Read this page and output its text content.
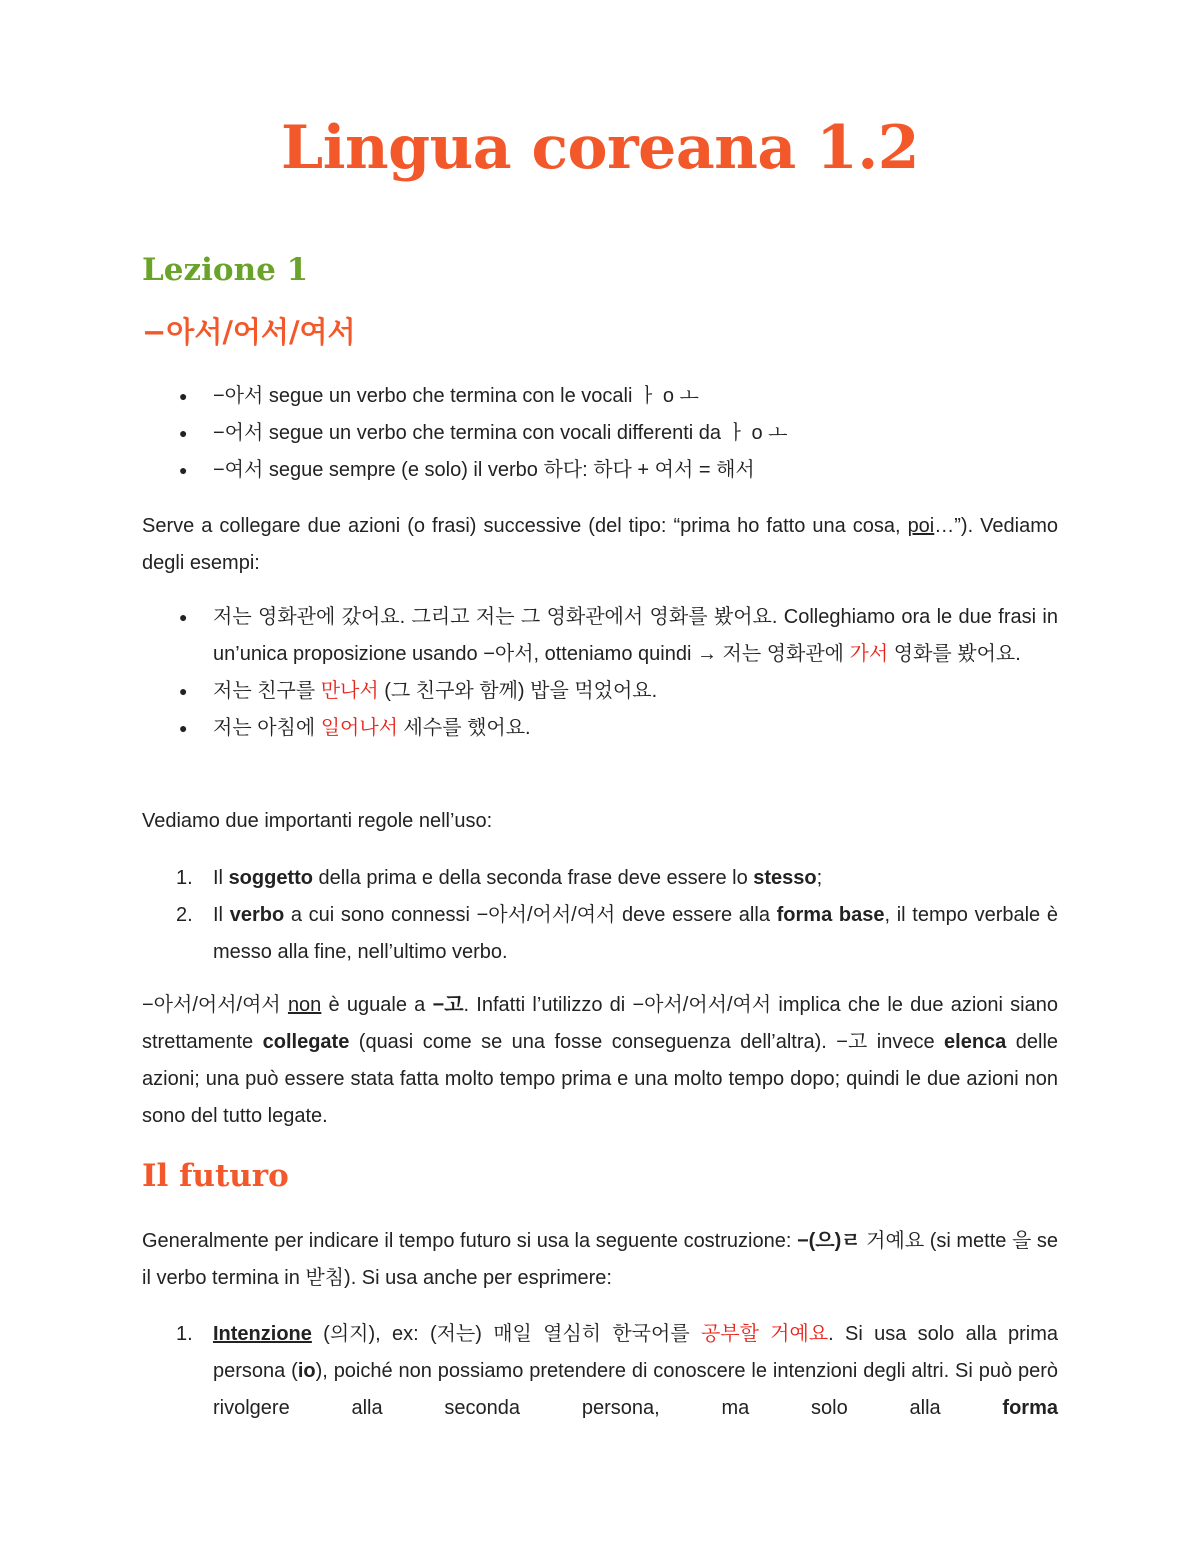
Lingua coreana 1.2
Lezione 1
−아서/어서/여서
● −아서 segue un verbo che termina con le vocali ㅏ o ㅗ
● −어서 segue un verbo che termina con vocali differenti da ㅏ o ㅗ
● −여서 segue sempre (e solo) il verbo 하다: 하다 + 여서 = 해서

Serve a collegare due azioni (o frasi) successive (del tipo: “prima ho fatto una cosa, poi…”). Vediamo degli esempi:

● 저는 영화관에 갔어요. 그리고 저는 그 영화관에서 영화를 봤어요. Colleghiamo ora le due frasi in un’unica proposizione usando −아서, otteniamo quindi → 저는 영화관에 가서 영화를 봤어요.
● 저는 친구를 만나서 (그 친구와 함께) 밥을 먹었어요.
● 저는 아침에 일어나서 세수를 했어요.

Vediamo due importanti regole nell’uso:

1. Il soggetto della prima e della seconda frase deve essere lo stesso;
2. Il verbo a cui sono connessi −아서/어서/여서 deve essere alla forma base, il tempo verbale è messo alla fine, nell’ultimo verbo.

−아서/어서/여서 non è uguale a −고. Infatti l’utilizzo di −아서/어서/여서 implica che le due azioni siano strettamente collegate (quasi come se una fosse conseguenza dell’altra). −고 invece elenca delle azioni; una può essere stata fatta molto tempo prima e una molto tempo dopo; quindi le due azioni non sono del tutto legate.

Il futuro

Generalmente per indicare il tempo futuro si usa la seguente costruzione: −(으)ㄹ 거예요 (si mette 을 se il verbo termina in 받침). Si usa anche per esprimere:

1. Intenzione (의지), ex: (저는) 매일 열심히 한국어를 공부할 거예요. Si usa solo alla prima persona (io), poiché non possiamo pretendere di conoscere le intenzioni degli altri. Si può però rivolgere alla seconda persona, ma solo alla forma
